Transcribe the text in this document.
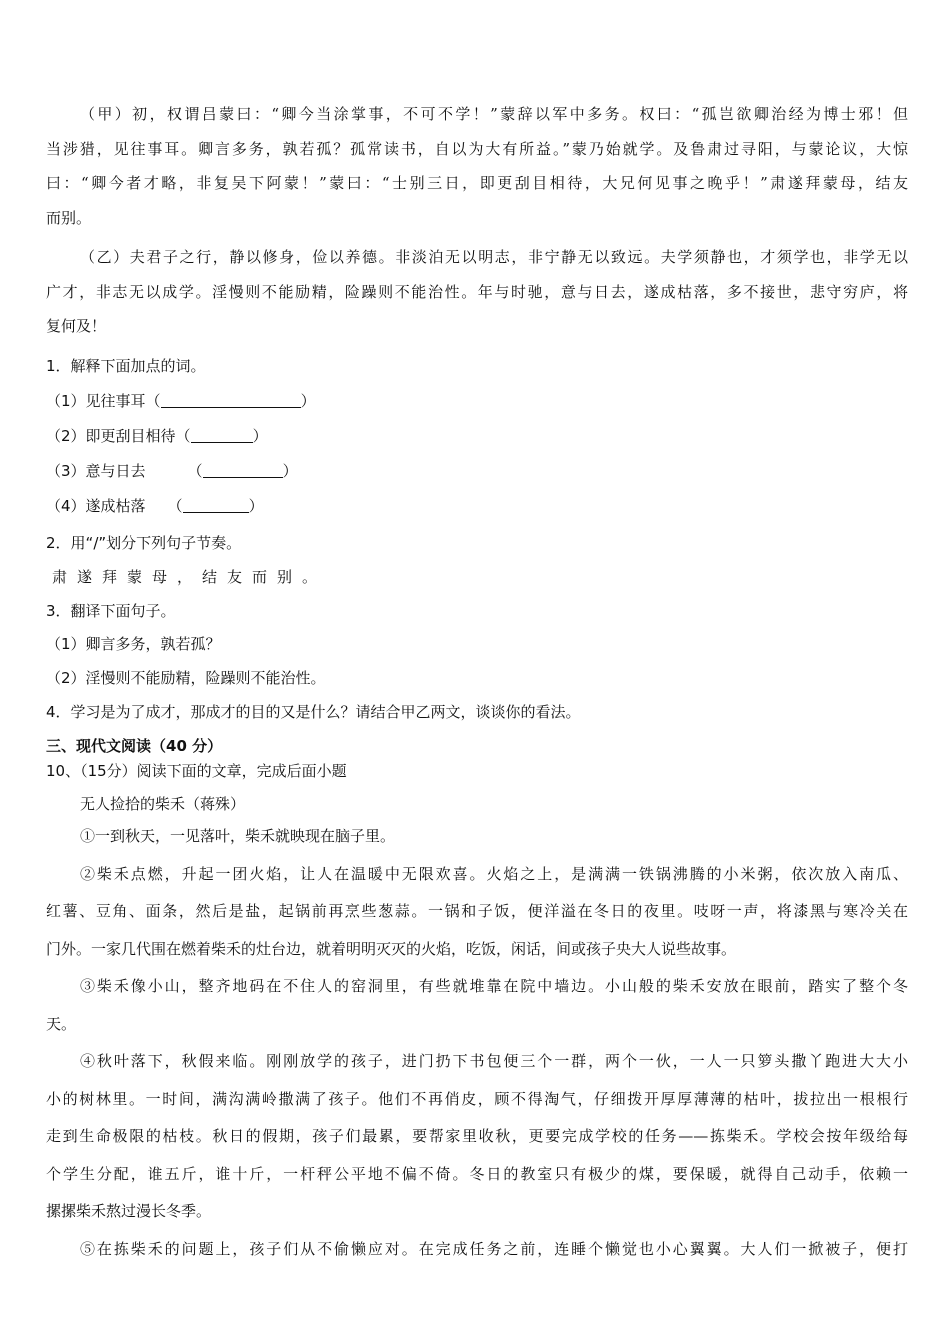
（甲）初，权谓吕蒙曰：“卿今当涂掌事，不可不学！”蒙辞以军中多务。权曰：“孤岂欲卿治经为博士邪！但

当涉猎，见往事耳。卿言多务，孰若孤？孤常读书，自以为大有所益。”蒙乃始就学。及鲁肃过寻阳，与蒙论议，大惊

曰：“卿今者才略，非复吴下阿蒙！”蒙曰：“士别三日，即更刮目相待，大兄何见事之晚乎！”肃遂拜蒙母，结友

而别。

（乙）夫君子之行，静以修身，俭以养德。非淡泊无以明志，非宁静无以致远。夫学须静也，才须学也，非学无以

广才，非志无以成学。淫慢则不能励精，险躁则不能治性。年与时驰，意与日去，遂成枯落，多不接世，悲守穷庐，将

复何及！

1．解释下面加点的词。
（1）见往事耳（	）
（2）即更刮目相待（	）
（3）意与日去	（	）
（4）遂成枯落 （	）
2．用“/”划分下列句子节奏。
肃遂拜蒙母，结友而别。
3．翻译下面句子。
（1）卿言多务，孰若孤？
（2）淫慢则不能励精，险躁则不能治性。
4．学习是为了成才，那成才的目的又是什么？请结合甲乙两文，谈谈你的看法。
三、现代文阅读（40 分）
10、（15分）阅读下面的文章，完成后面小题
无人捡拾的柴禾（蒋殊）

①一到秋天，一见落叶，柴禾就映现在脑子里。

②柴禾点燃，升起一团火焰，让人在温暖中无限欢喜。火焰之上，是满满一铁锅沸腾的小米粥，依次放入南瓜、

红薯、豆角、面条，然后是盐，起锅前再烹些葱蒜。一锅和子饭，便洋溢在冬日的夜里。吱呀一声，将漆黑与寒冷关在

门外。一家几代围在燃着柴禾的灶台边，就着明明灭灭的火焰，吃饭，闲话，间或孩子央大人说些故事。

③柴禾像小山，整齐地码在不住人的窑洞里，有些就堆靠在院中墙边。小山般的柴禾安放在眼前，踏实了整个冬

天。

④秋叶落下，秋假来临。刚刚放学的孩子，进门扔下书包便三个一群，两个一伙，一人一只箩头撒丫跑进大大小

小的树林里。一时间，满沟满岭撒满了孩子。他们不再俏皮，顾不得淘气，仔细拨开厚厚薄薄的枯叶，拔拉出一根根行

走到生命极限的枯枝。秋日的假期，孩子们最累，要帮家里收秋，更要完成学校的任务——拣柴禾。学校会按年级给每

个学生分配，谁五斤，谁十斤，一杆秤公平地不偏不倚。冬日的教室只有极少的煤，要保暖，就得自己动手，依赖一

摞摞柴禾熬过漫长冬季。

⑤在拣柴禾的问题上，孩子们从不偷懒应对。在完成任务之前，连睡个懒觉也小心翼翼。大人们一掀被子，便打
